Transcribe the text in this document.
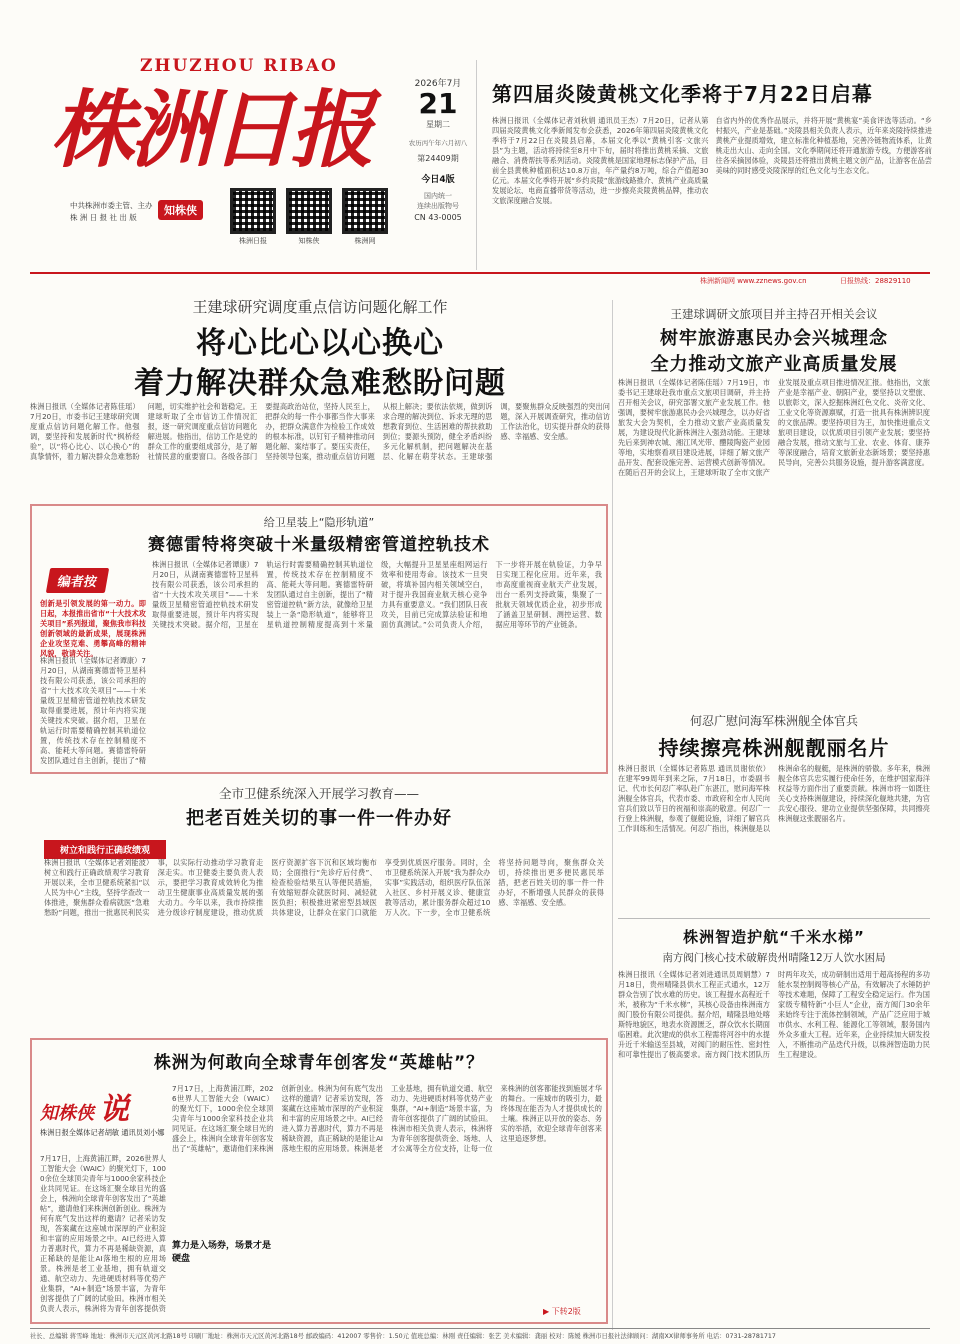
ZHUZHOU RIBAO
株洲日报
中共株洲市委主管、主办
株 洲 日 报 社 出 版
知株侠
株洲日报	知株侠	株洲网
2026年7月
21
星期二
农历丙午年六月初八
第24409期
今日4版
国内统一
连续出版物号
CN 43-0005
第四届炎陵黄桃文化季将于7月22日启幕
株洲日报讯（全媒体记者刘秋娟 通讯员王杰）7月20日，记者从第四届炎陵黄桃文化季新闻发布会获悉，2026年第四届炎陵黄桃文化季将于7月22日在炎陵县启幕，本届文化季以“黄桃引客·文旅兴县”为主题，活动将持续至8月中下旬，届时将推出黄桃采摘、文旅融合、消费帮扶等系列活动。炎陵黄桃是国家地理标志保护产品，目前全县黄桃种植面积达10.8万亩，年产量约8万吨，综合产值超30亿元。本届文化季将开展“乡约炎陵”旅游线路推介、黄桃产业高质量发展论坛、电商直播带货等活动，进一步擦亮炎陵黄桃品牌，推动农文旅深度融合发展。
自省内外的优秀作品展示，并将开展“黄桃宴”美食评选等活动。“乡村振兴，产业是基础。”炎陵县相关负责人表示，近年来炎陵持续推进黄桃产业提质增效，建立标准化种植基地，完善冷链物流体系，让黄桃走出大山、走向全国。文化季期间还将开通旅游专线，方便游客前往各采摘园体验，炎陵县还将推出黄桃主题文创产品，让游客在品尝美味的同时感受炎陵深厚的红色文化与生态文化。
株洲新闻网 www.zznews.gov.cn	日报热线：28829110
王建球研究调度重点信访问题化解工作
将心比心以心换心
着力解决群众急难愁盼问题
株洲日报讯（全媒体记者陈佳瑶）7月20日，市委书记王建球研究调度重点信访问题化解工作。他强调，要坚持和发展新时代“枫桥经验”，以“将心比心、以心换心”的真挚情怀，着力解决群众急难愁盼问题，切实维护社会和谐稳定。王建球听取了全市信访工作情况汇报，逐一研究调度重点信访问题化解进展。他指出，信访工作是党的群众工作的重要组成部分，是了解社情民意的重要窗口。各级各部门要提高政治站位，坚持人民至上，把群众的每一件小事都当作大事来办，把群众满意作为检验工作成效的根本标准，以钉钉子精神推动问题化解、案结事了。要压实责任，坚持领导包案，推动重点信访问题从根上解决；要依法依规，做到诉求合理的解决到位、诉求无理的思想教育到位、生活困难的帮扶救助到位；要源头预防，健全矛盾纠纷多元化解机制，把问题解决在基层、化解在萌芽状态。王建球强调，要聚焦群众反映强烈的突出问题，深入开展调查研究，推动信访工作法治化，切实提升群众的获得感、幸福感、安全感。
王建球调研文旅项目并主持召开相关会议
树牢旅游惠民办会兴城理念
全力推动文旅产业高质量发展
株洲日报讯（全媒体记者陈佳瑶）7月19日，市委书记王建球赴我市重点文旅项目调研，并主持召开相关会议，研究部署文旅产业发展工作。他强调，要树牢旅游惠民办会兴城理念，以办好省旅发大会为契机，全力推动文旅产业高质量发展，为建设现代化新株洲注入强劲动能。王建球先后来到神农城、湘江风光带、醴陵陶瓷产业园等地，实地察看项目建设进展，详细了解文旅产品开发、配套设施完善、运营模式创新等情况。在随后召开的会议上，王建球听取了全市文旅产业发展及重点项目推进情况汇报。他指出，文旅产业是幸福产业、朝阳产业，要坚持以文塑旅、以旅彰文，深入挖掘株洲红色文化、炎帝文化、工业文化等资源禀赋，打造一批具有株洲辨识度的文旅品牌。要坚持项目为王，加快推进重点文旅项目建设，以优质项目引领产业发展；要坚持融合发展，推动文旅与工业、农业、体育、康养等深度融合，培育文旅新业态新场景；要坚持惠民导向，完善公共服务设施，提升游客满意度。
给卫星装上“隐形轨道”
赛德雷特将突破十米量级精密管道控轨技术
编者按
创新是引领发展的第一动力。即日起，本报推出省市“十大技术攻关项目”系列报道，聚焦我市科技创新领域的最新成果，展现株洲企业攻坚克难、勇攀高峰的精神风貌，敬请关注。
株洲日报讯（全媒体记者谭康）7月20日，从湖南赛德雷特卫星科技有限公司获悉，该公司承担的省“十大技术攻关项目”——十米量级卫星精密管道控轨技术研发取得重要进展，预计年内将实现关键技术突破。据介绍，卫星在轨运行时需要精确控制其轨道位置，传统技术存在控制精度不高、能耗大等问题。赛德雷特研发团队通过自主创新，提出了“精
株洲日报讯（全媒体记者谭康）7月20日，从湖南赛德雷特卫星科技有限公司获悉，该公司承担的省“十大技术攻关项目”——十米量级卫星精密管道控轨技术研发取得重要进展，预计年内将实现关键技术突破。据介绍，卫星在轨运行时需要精确控制其轨道位置，传统技术存在控制精度不高、能耗大等问题。赛德雷特研发团队通过自主创新，提出了“精密管道控轨”新方法，就像给卫星装上一条“隐形轨道”，能够将卫星轨道控制精度提高到十米量级，大幅提升卫星星座组网运行效率和使用寿命。该技术一旦突破，将填补国内相关领域空白，对于提升我国商业航天核心竞争力具有重要意义。“我们团队日夜攻关，目前已完成算法验证和地面仿真测试。”公司负责人介绍，下一步将开展在轨验证，力争早日实现工程化应用。近年来，我市高度重视商业航天产业发展，出台一系列支持政策，集聚了一批航天领域优质企业，初步形成了涵盖卫星研制、测控运营、数据应用等环节的产业链条。
何忍广慰问海军株洲舰全体官兵
持续擦亮株洲舰靓丽名片
株洲日报讯（全媒体记者陈思 通讯员谢依依）在建军99周年到来之际，7月18日，市委副书记、代市长何忍广率队赴广东湛江，慰问海军株洲舰全体官兵，代表市委、市政府和全市人民向官兵们致以节日的祝福和崇高的敬意。何忍广一行登上株洲舰，参观了舰艇设施，详细了解官兵工作训练和生活情况。何忍广指出，株洲舰是以株洲命名的舰艇，是株洲的骄傲。多年来，株洲舰全体官兵忠实履行使命任务，在维护国家海洋权益等方面作出了重要贡献。株洲市将一如既往关心支持株洲舰建设，持续深化舰地共建，为官兵安心服役、建功立业提供坚强保障，共同擦亮株洲舰这张靓丽名片。
全市卫健系统深入开展学习教育——
把老百姓关切的事一件一件办好
树立和践行正确政绩观
株洲日报讯（全媒体记者刘能波）树立和践行正确政绩观学习教育开展以来，全市卫健系统紧扣“以人民为中心”主线，坚持学查改一体推进，聚焦群众看病就医“急难愁盼”问题，推出一批惠民利民实事，以实际行动推动学习教育走深走实。市卫健委主要负责人表示，要把学习教育成效转化为推动卫生健康事业高质量发展的强大动力。今年以来，我市持续推进分级诊疗制度建设，推动优质医疗资源扩容下沉和区域均衡布局；全面推行“先诊疗后付费”、检查检验结果互认等便民措施，有效缩短群众就医时间、减轻就医负担；积极推进紧密型县域医共体建设，让群众在家门口就能享受到优质医疗服务。同时，全市卫健系统深入开展“我为群众办实事”实践活动，组织医疗队伍深入社区、乡村开展义诊、健康宣教等活动，累计服务群众超过10万人次。下一步，全市卫健系统将坚持问题导向，聚焦群众关切，持续推出更多便民惠民举措，把老百姓关切的事一件一件办好，不断增强人民群众的获得感、幸福感、安全感。
株洲智造护航“千米水梯”
南方阀门核心技术破解贵州晴隆12万人饮水困局
株洲日报讯（全媒体记者刘进通讯员周娟慧）7月18日，贵州晴隆县供水工程正式通水，12万群众告别了饮水难的历史。该工程提水高程近千米，被称为“千米水梯”，其核心设备由株洲南方阀门股份有限公司提供。据介绍，晴隆县地处喀斯特地貌区，地表水资源匮乏，群众饮水长期面临困难。此次建成的供水工程需将河谷中的水提升近千米输送至县城，对阀门的耐压性、密封性和可靠性提出了极高要求。南方阀门技术团队历时两年攻关，成功研制出适用于超高扬程的多功能水泵控制阀等核心产品，有效解决了水锤防护等技术难题，保障了工程安全稳定运行。作为国家级专精特新“小巨人”企业，南方阀门30余年来始终专注于流体控制领域，产品广泛应用于城市供水、水利工程、能源化工等领域，服务国内外众多重大工程。近年来，企业持续加大研发投入，不断推动产品迭代升级，以株洲智造助力民生工程建设。
株洲为何敢向全球青年创客发“英雄帖”？
知株侠 说
株洲日报全媒体记者胡敏 通讯员刘小娜
7月17日，上海黄浦江畔，2026世界人工智能大会（WAIC）的聚光灯下，1000余位全球顶尖青年与1000余家科技企业共同见证。在这场汇聚全球目光的盛会上，株洲向全球青年创客发出了“英雄帖”，邀请他们来株洲创新创业。株洲为何有底气发出这样的邀请？记者采访发现，答案藏在这座城市深厚的产业积淀和丰富的应用场景之中。AI已经进入算力普惠时代，算力不再是稀缺资源，真正稀缺的是能让AI落地生根的应用场景。株洲是老工业基地，拥有轨道交通、航空动力、先进硬质材料等优势产业集群，“AI+制造”场景丰富，为青年创客提供了广阔的试验田。株洲市相关负责人表示，株洲将为青年创客提供资
7月17日，上海黄浦江畔，2026世界人工智能大会（WAIC）的聚光灯下，1000余位全球顶尖青年与1000余家科技企业共同见证。在这场汇聚全球目光的盛会上，株洲向全球青年创客发出了“英雄帖”，邀请他们来株洲创新创业。株洲为何有底气发出这样的邀请？记者采访发现，答案藏在这座城市深厚的产业积淀和丰富的应用场景之中。AI已经进入算力普惠时代，算力不再是稀缺资源，真正稀缺的是能让AI落地生根的应用场景。株洲是老工业基地，拥有轨道交通、航空动力、先进硬质材料等优势产业集群，“AI+制造”场景丰富，为青年创客提供了广阔的试验田。株洲市相关负责人表示，株洲将为青年创客提供资金、场地、人才公寓等全方位支持，让每一位来株洲的创客都能找到施展才华的舞台。一座城市的吸引力，最终体现在能否为人才提供成长的土壤。株洲正以开放的姿态、务实的举措，欢迎全球青年创客来这里追逐梦想。
算力是入场券，场景才是硬盘
▶ 下转2版
社长、总编辑 蒋雪峰 地址：株洲市天元区黄河北路18号 印刷厂地址：株洲市天元区黄河北路18号 邮政编码：412007 零售价：1.50元 值班总编：林刚 责任编辑：张艺 美术编辑：龚丽 校对：陈媛 株洲市日报社法律顾问：湖南XX律师事务所 电话：0731-28781717
